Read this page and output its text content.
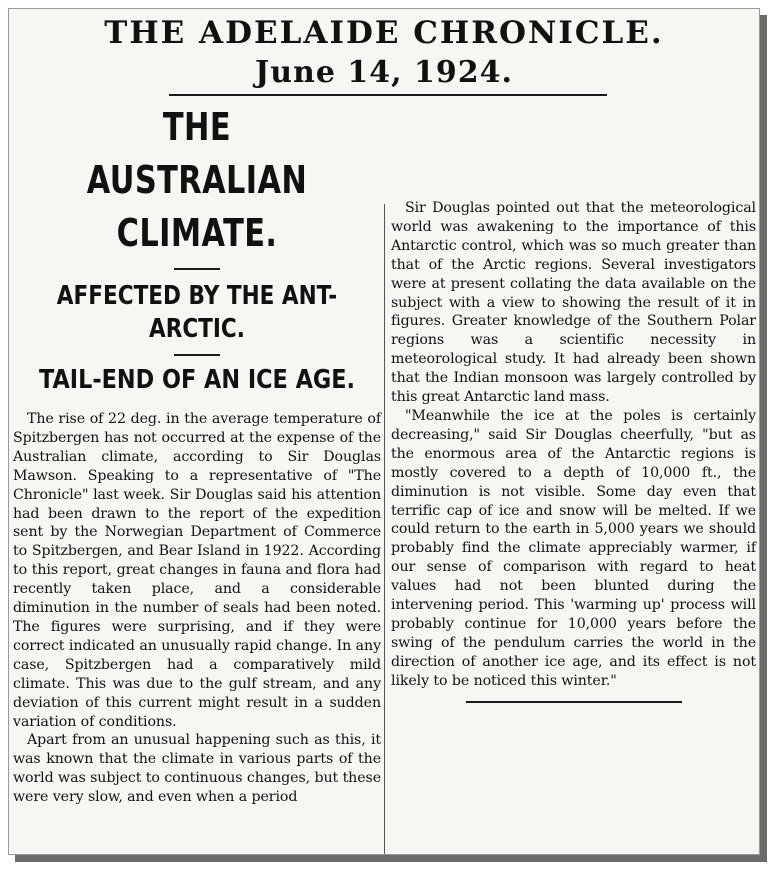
THE ADELAIDE CHRONICLE.
June 14, 1924.
THE AUSTRALIAN
CLIMATE.
AFFECTED BY THE ANT-
ARCTIC.
TAIL-END OF AN ICE AGE.

The rise of 22 deg. in the average temperature of Spitzbergen has not occurred at the expense of the Australian climate, according to Sir Douglas Mawson. Speaking to a representative of "The Chronicle" last week. Sir Douglas said his attention had been drawn to the report of the expedition sent by the Norwegian Department of Commerce to Spitzbergen, and Bear Island in 1922. According to this report, great changes in fauna and flora had recently taken place, and a considerable diminution in the number of seals had been noted. The figures were surprising, and if they were correct indicated an unusually rapid change. In any case, Spitzbergen had a comparatively mild climate. This was due to the gulf stream, and any deviation of this current might result in a sudden variation of conditions.

Apart from an unusual happening such as this, it was known that the climate in various parts of the world was subject to continuous changes, but these were very slow, and even when a period

Sir Douglas pointed out that the meteorological world was awakening to the importance of this Antarctic control, which was so much greater than that of the Arctic regions. Several investigators were at present collating the data available on the subject with a view to showing the result of it in figures. Greater knowledge of the Southern Polar regions was a scientific necessity in meteorological study. It had already been shown that the Indian monsoon was largely controlled by this great Antarctic land mass.

"Meanwhile the ice at the poles is certainly decreasing," said Sir Douglas cheerfully, "but as the enormous area of the Antarctic regions is mostly covered to a depth of 10,000 ft., the diminution is not visible. Some day even that terrific cap of ice and snow will be melted. If we could return to the earth in 5,000 years we should probably find the climate appreciably warmer, if our sense of comparison with regard to heat values had not been blunted during the intervening period. This 'warming up' process will probably continue for 10,000 years before the swing of the pendulum carries the world in the direction of another ice age, and its effect is not likely to be noticed this winter."
